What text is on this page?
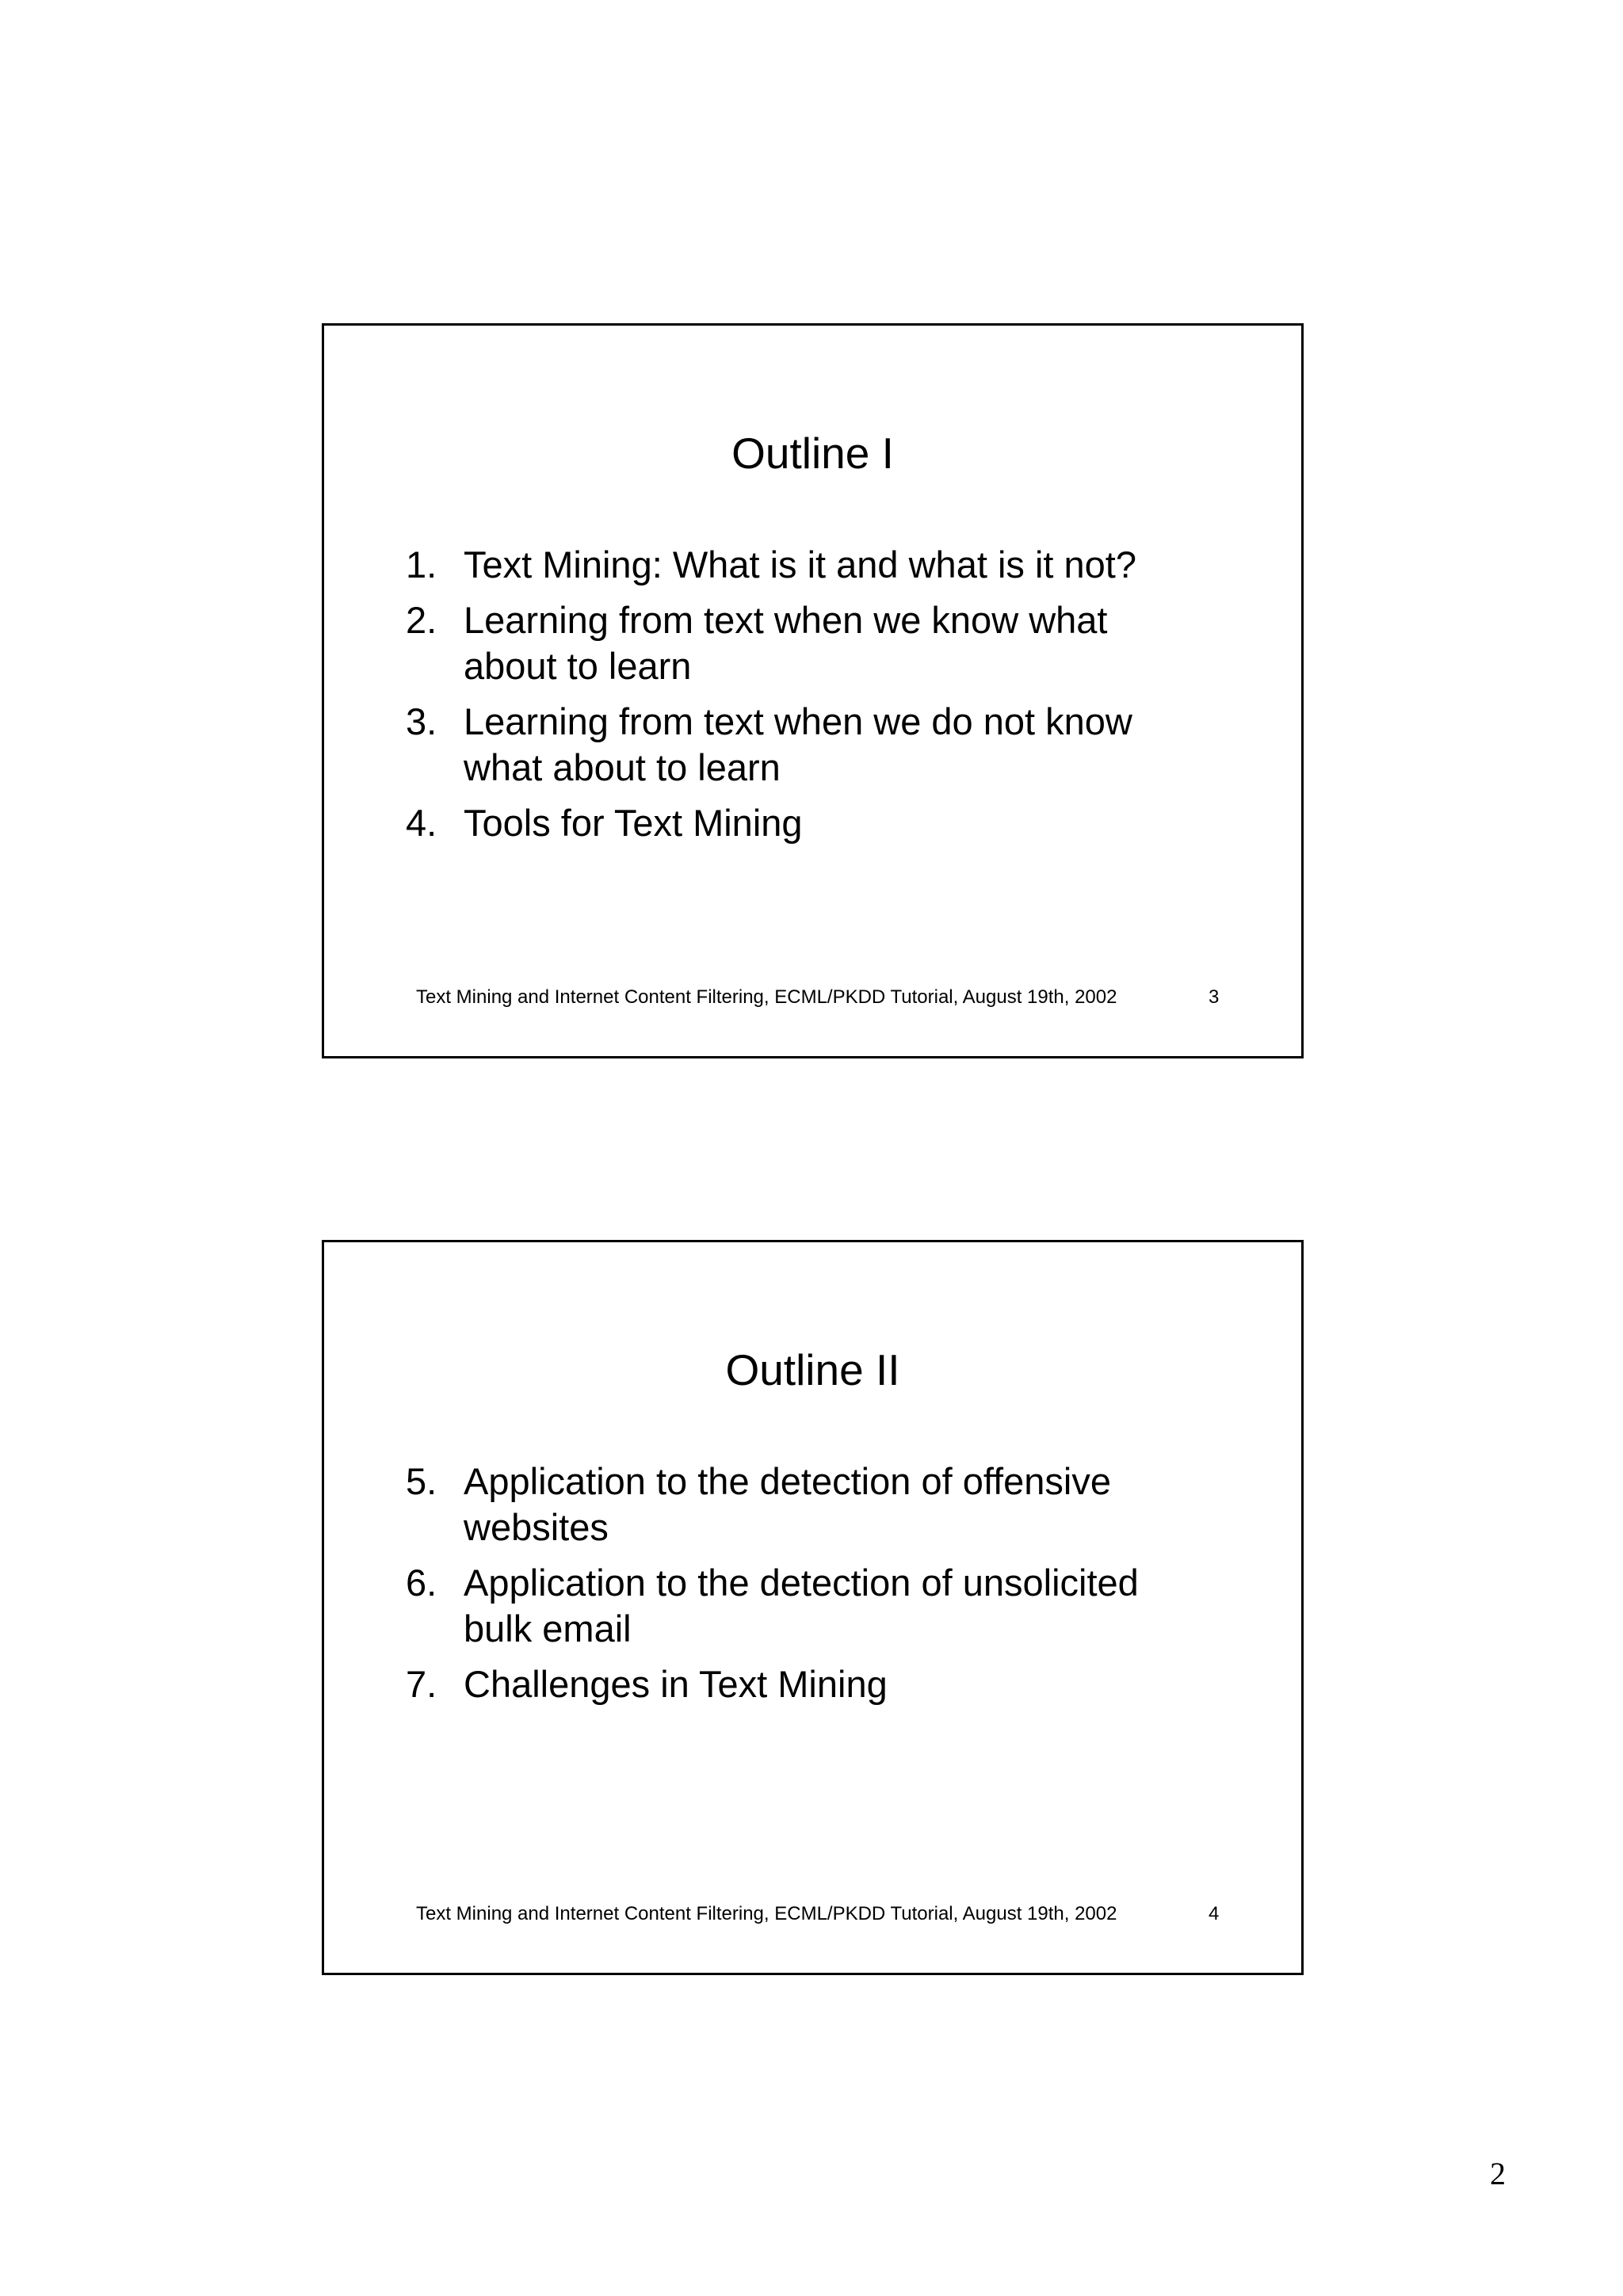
Outline I
1. Text Mining: What is it and what is it not?
2. Learning from text when we know what about to learn
3. Learning from text when we do not know what about to learn
4. Tools for Text Mining
Text Mining and Internet Content Filtering, ECML/PKDD Tutorial, August 19th, 2002	3
Outline II
5. Application to the detection of offensive websites
6. Application to the detection of unsolicited bulk email
7. Challenges in Text Mining
Text Mining and Internet Content Filtering, ECML/PKDD Tutorial, August 19th, 2002	4
2
